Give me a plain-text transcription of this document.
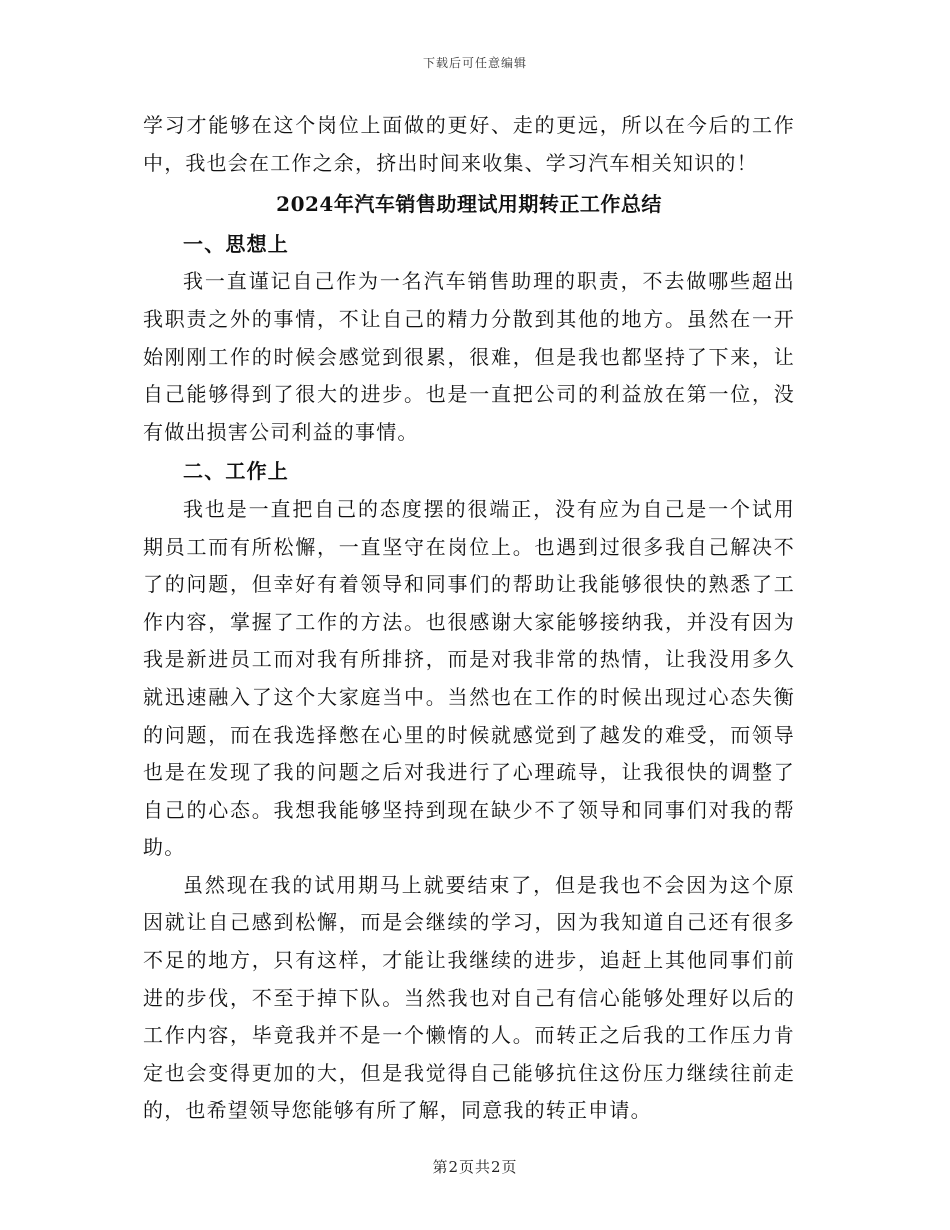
下载后可任意编辑

学习才能够在这个岗位上面做的更好、走的更远，所以在今后的工作中，我也会在工作之余，挤出时间来收集、学习汽车相关知识的！

2024年汽车销售助理试用期转正工作总结

一、思想上

我一直谨记自己作为一名汽车销售助理的职责，不去做哪些超出我职责之外的事情，不让自己的精力分散到其他的地方。虽然在一开始刚刚工作的时候会感觉到很累，很难，但是我也都坚持了下来，让自己能够得到了很大的进步。也是一直把公司的利益放在第一位，没有做出损害公司利益的事情。

二、工作上

我也是一直把自己的态度摆的很端正，没有应为自己是一个试用期员工而有所松懈，一直坚守在岗位上。也遇到过很多我自己解决不了的问题，但幸好有着领导和同事们的帮助让我能够很快的熟悉了工作内容，掌握了工作的方法。也很感谢大家能够接纳我，并没有因为我是新进员工而对我有所排挤，而是对我非常的热情，让我没用多久就迅速融入了这个大家庭当中。当然也在工作的时候出现过心态失衡的问题，而在我选择憋在心里的时候就感觉到了越发的难受，而领导也是在发现了我的问题之后对我进行了心理疏导，让我很快的调整了自己的心态。我想我能够坚持到现在缺少不了领导和同事们对我的帮助。

虽然现在我的试用期马上就要结束了，但是我也不会因为这个原因就让自己感到松懈，而是会继续的学习，因为我知道自己还有很多不足的地方，只有这样，才能让我继续的进步，追赶上其他同事们前进的步伐，不至于掉下队。当然我也对自己有信心能够处理好以后的工作内容，毕竟我并不是一个懒惰的人。而转正之后我的工作压力肯定也会变得更加的大，但是我觉得自己能够抗住这份压力继续往前走的，也希望领导您能够有所了解，同意我的转正申请。

第2页共2页
